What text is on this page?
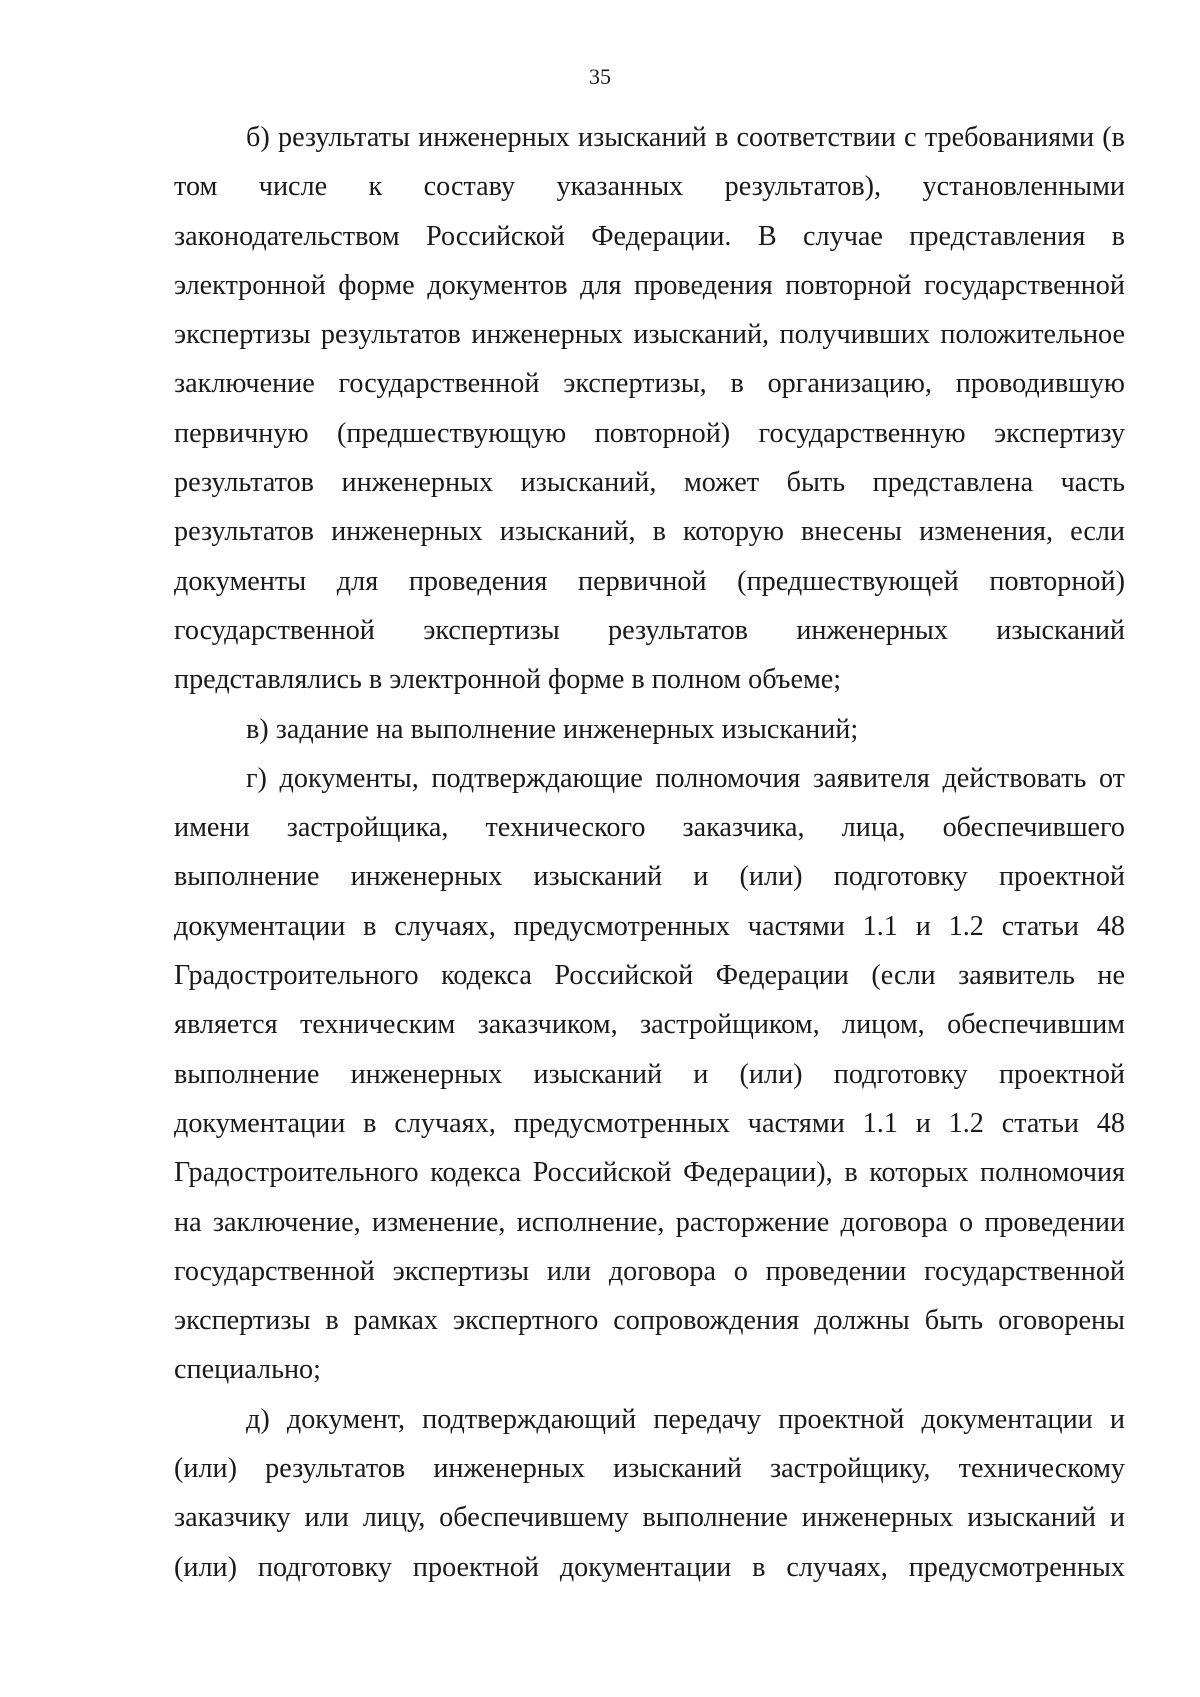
35

б) результаты инженерных изысканий в соответствии с требованиями (в том числе к составу указанных результатов), установленными законодательством Российской Федерации. В случае представления в электронной форме документов для проведения повторной государственной экспертизы результатов инженерных изысканий, получивших положительное заключение государственной экспертизы, в организацию, проводившую первичную (предшествующую повторной) государственную экспертизу результатов инженерных изысканий, может быть представлена часть результатов инженерных изысканий, в которую внесены изменения, если документы для проведения первичной (предшествующей повторной) государственной экспертизы результатов инженерных изысканий представлялись в электронной форме в полном объеме;

в) задание на выполнение инженерных изысканий;

г) документы, подтверждающие полномочия заявителя действовать от имени застройщика, технического заказчика, лица, обеспечившего выполнение инженерных изысканий и (или) подготовку проектной документации в случаях, предусмотренных частями 1.1 и 1.2 статьи 48 Градостроительного кодекса Российской Федерации (если заявитель не является техническим заказчиком, застройщиком, лицом, обеспечившим выполнение инженерных изысканий и (или) подготовку проектной документации в случаях, предусмотренных частями 1.1 и 1.2 статьи 48 Градостроительного кодекса Российской Федерации), в которых полномочия на заключение, изменение, исполнение, расторжение договора о проведении государственной экспертизы или договора о проведении государственной экспертизы в рамках экспертного сопровождения должны быть оговорены специально;

д) документ, подтверждающий передачу проектной документации и (или) результатов инженерных изысканий застройщику, техническому заказчику или лицу, обеспечившему выполнение инженерных изысканий и (или) подготовку проектной документации в случаях, предусмотренных
